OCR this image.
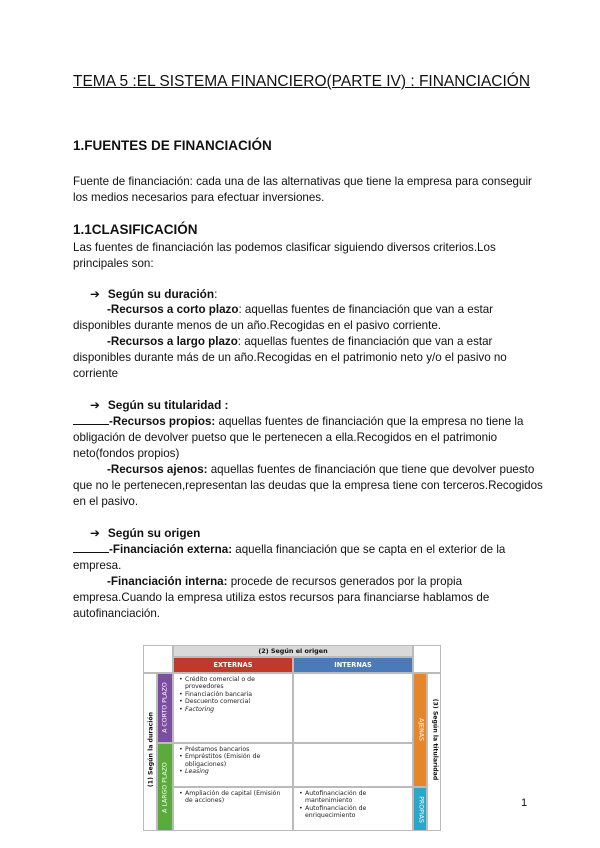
TEMA 5 :EL SISTEMA FINANCIERO(PARTE IV) : FINANCIACIÓN
1.FUENTES DE FINANCIACIÓN

Fuente de financiación: cada una de las alternativas que tiene la empresa para conseguir los medios necesarios para efectuar inversiones.

1.1CLASIFICACIÓN

Las fuentes de financiación las podemos clasificar siguiendo diversos criterios.Los principales son:

➔ Según su duración:

-Recursos a corto plazo: aquellas fuentes de financiación que van a estar disponibles durante menos de un año.Recogidas en el pasivo corriente.

-Recursos a largo plazo: aquellas fuentes de financiación que van a estar disponibles durante más de un año.Recogidas en el patrimonio neto y/o el pasivo no corriente

➔ Según su titularidad :

-Recursos propios: aquellas fuentes de financiación que la empresa no tiene la obligación de devolver puetso que le pertenecen a ella.Recogidos en el patrimonio neto(fondos propios)

-Recursos ajenos: aquellas fuentes de financiación que tiene que devolver puesto que no le pertenecen,representan las deudas que la empresa tiene con terceros.Recogidos en el pasivo.

➔ Según su origen

-Financiación externa: aquella financiación que se capta en el exterior de la empresa.

-Financiación interna: procede de recursos generados por la propia empresa.Cuando la empresa utiliza estos recursos para financiarse hablamos de autofinanciación.

(2) Según el origen
EXTERNAS	INTERNAS
(1) Según la duración
A CORTO PLAZO
A LARGO PLAZO
• Crédito comercial o de proveedores
• Financiación bancaria
• Descuento comercial
• Factoring
• Préstamos bancarios
• Empréstitos (Emisión de obligaciones)
• Leasing
• Ampliación de capital (Emisión de acciones)
• Autofinanciación de mantenimiento
• Autofinanciación de enriquecimiento
AJENAS
PROPIAS
(3) Según la titularidad
1
